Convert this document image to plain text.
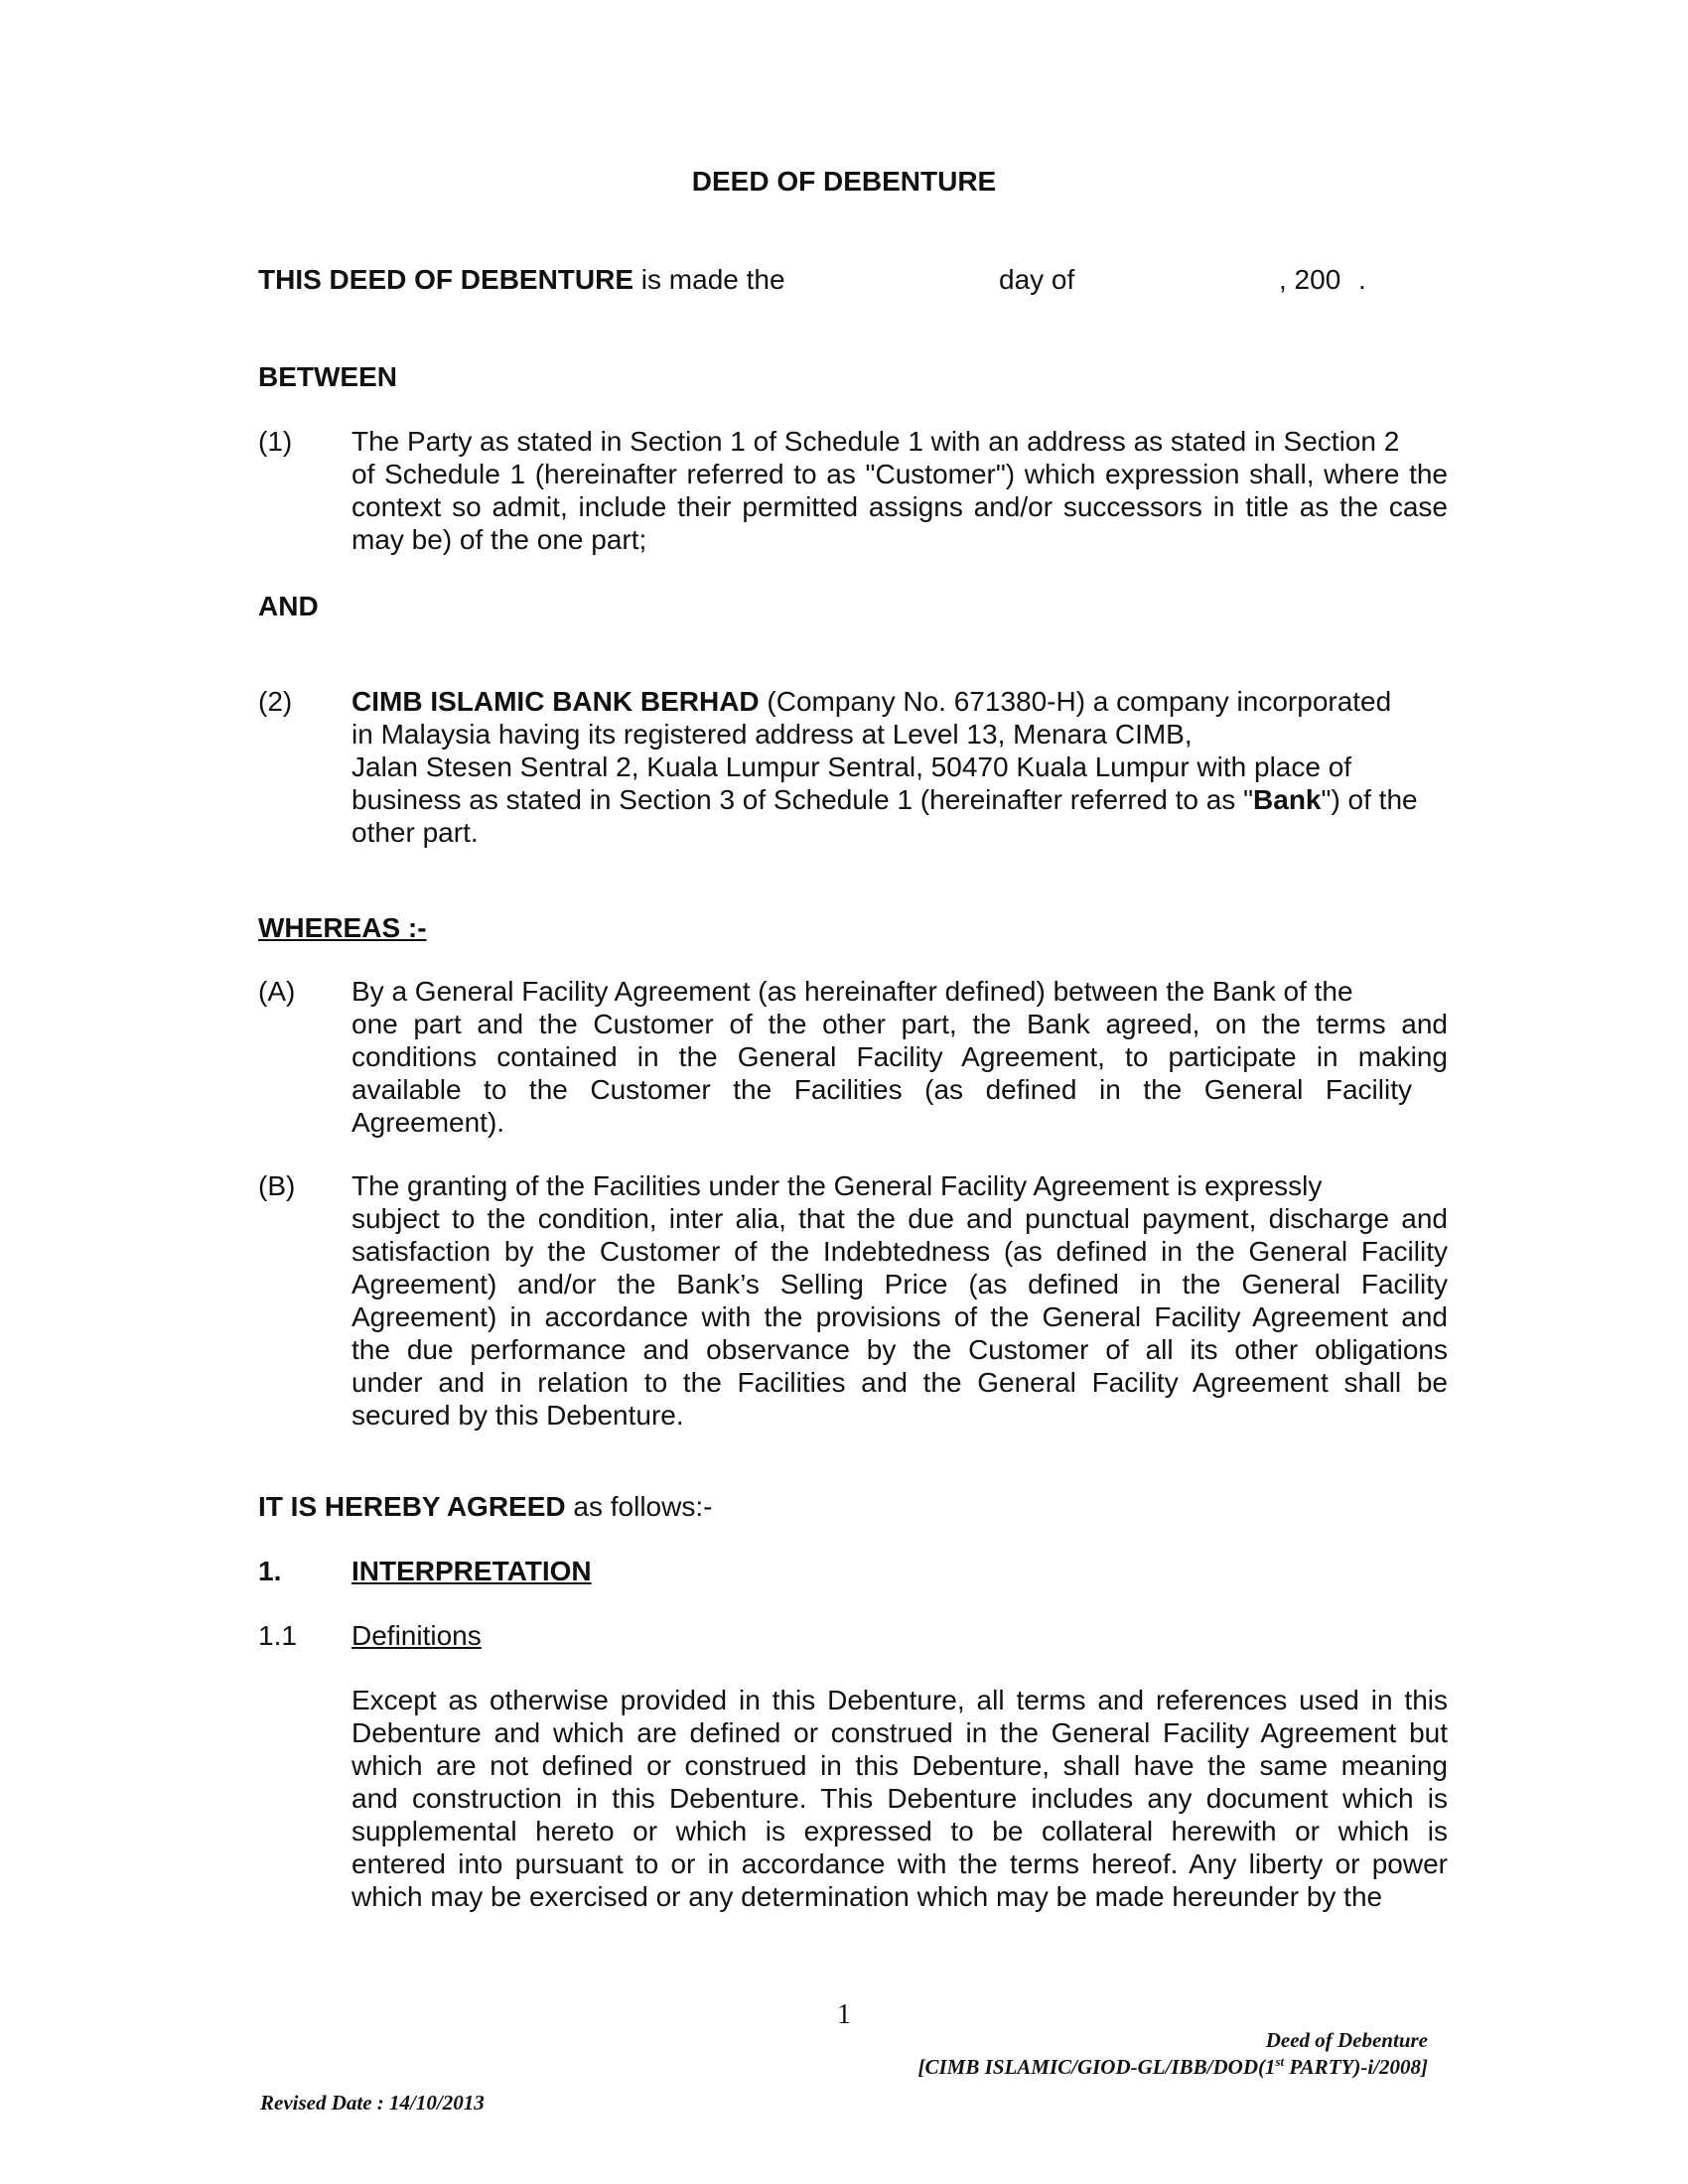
DEED OF DEBENTURE
THIS DEED OF DEBENTURE is made the	day of	, 200 .
BETWEEN
(1) The Party as stated in Section 1 of Schedule 1 with an address as stated in Section 2

of Schedule 1 (hereinafter referred to as "Customer") which expression shall, where the

context so admit, include their permitted assigns and/or successors in title as the case

may be) of the one part;

AND
(2) CIMB ISLAMIC BANK BERHAD (Company No. 671380-H) a company incorporated

in Malaysia having its registered address at Level 13, Menara CIMB,

Jalan Stesen Sentral 2, Kuala Lumpur Sentral, 50470 Kuala Lumpur with place of

business as stated in Section 3 of Schedule 1 (hereinafter referred to as "Bank") of the

other part.

WHEREAS :-
(A) By a General Facility Agreement (as hereinafter defined) between the Bank of the

one part and the Customer of the other part, the Bank agreed, on the terms and

conditions contained in the General Facility Agreement, to participate in making

available to the Customer the Facilities (as defined in the General Facility

Agreement).

(B) The granting of the Facilities under the General Facility Agreement is expressly

subject to the condition, inter alia, that the due and punctual payment, discharge and

satisfaction by the Customer of the Indebtedness (as defined in the General Facility

Agreement) and/or the Bank’s Selling Price (as defined in the General Facility

Agreement) in accordance with the provisions of the General Facility Agreement and

the due performance and observance by the Customer of all its other obligations

under and in relation to the Facilities and the General Facility Agreement shall be

secured by this Debenture.

IT IS HEREBY AGREED as follows:-
1.	INTERPRETATION
1.1 Definitions

Except as otherwise provided in this Debenture, all terms and references used in this

Debenture and which are defined or construed in the General Facility Agreement but

which are not defined or construed in this Debenture, shall have the same meaning

and construction in this Debenture. This Debenture includes any document which is

supplemental hereto or which is expressed to be collateral herewith or which is

entered into pursuant to or in accordance with the terms hereof. Any liberty or power

which may be exercised or any determination which may be made hereunder by the

1
Deed of Debenture
[CIMB ISLAMIC/GIOD-GL/IBB/DOD(1st PARTY)-i/2008]
Revised Date : 14/10/2013
